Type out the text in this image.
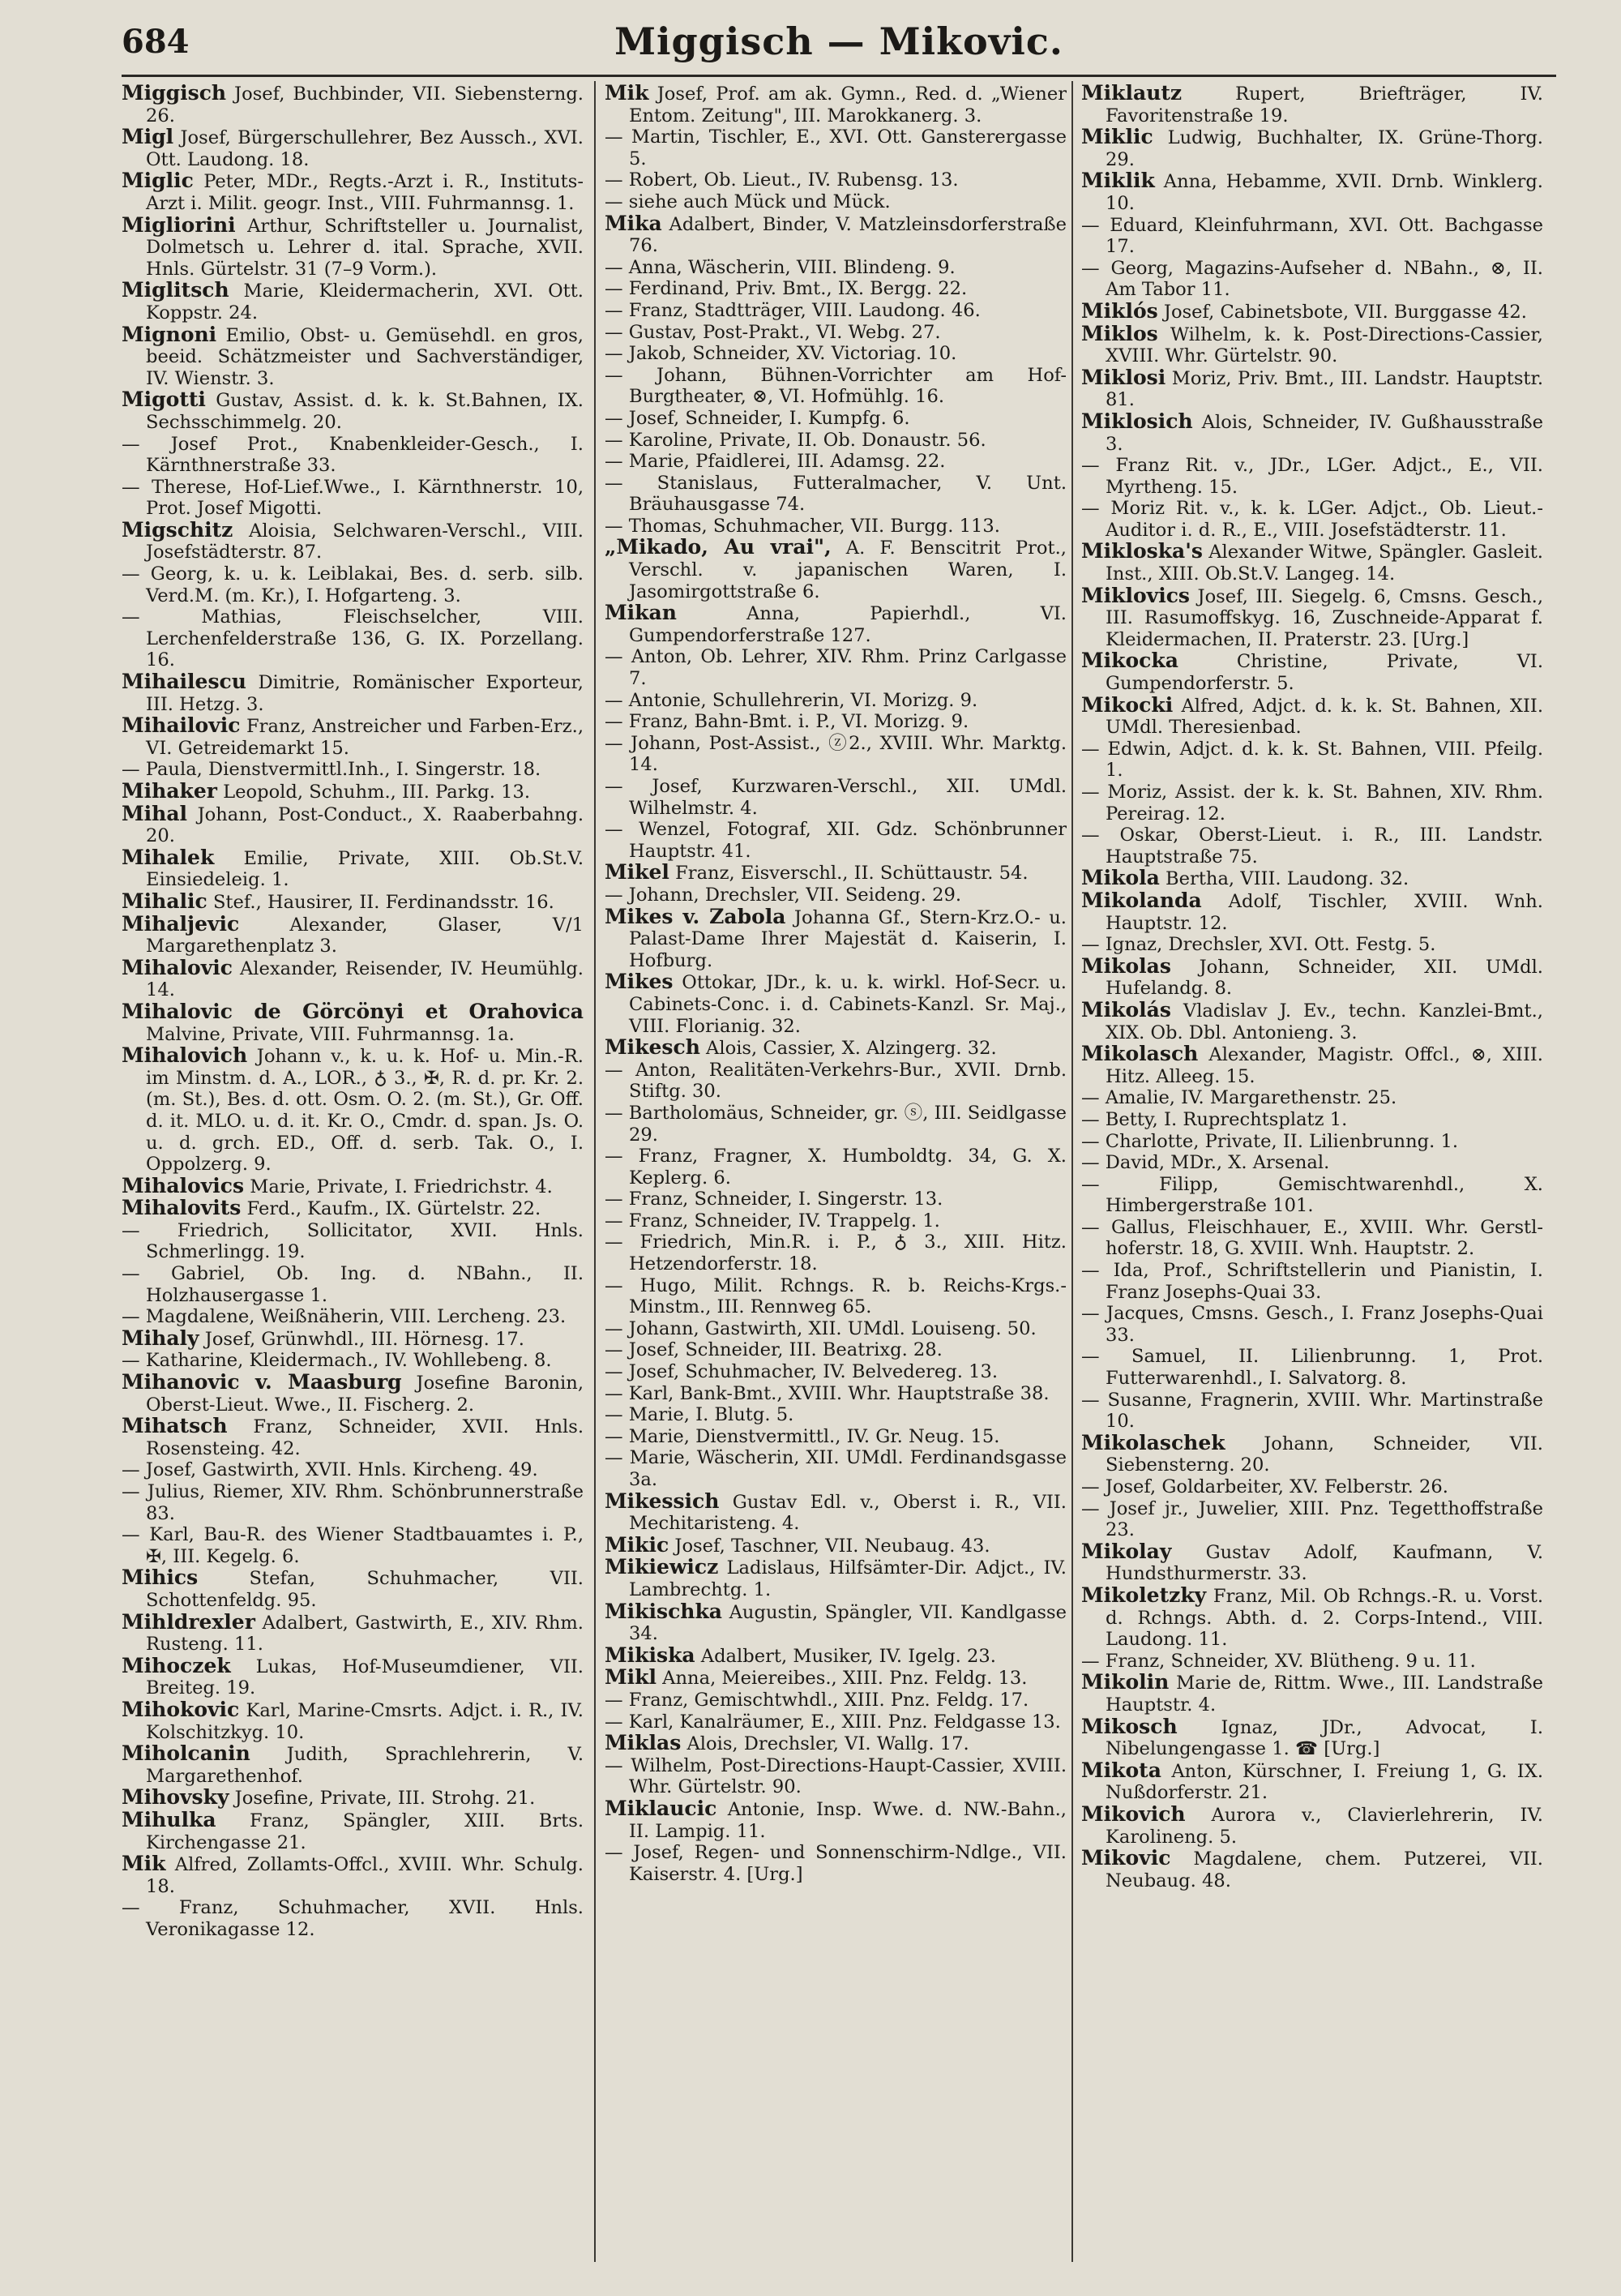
684	Miggisch — Mikovic.

Miggisch Josef, Buchbinder, VII. Siebensterng. 26.

Migl Josef, Bürgerschullehrer, Bez Aussch., XVI. Ott. Laudong. 18.

Miglic Peter, MDr., Regts.-Arzt i. R., Instituts-Arzt i. Milit. geogr. Inst., VIII. Fuhrmannsg. 1.

Migliorini Arthur, Schriftsteller u. Journalist, Dolmetsch u. Lehrer d. ital. Sprache, XVII. Hnls. Gürtelstr. 31 (7–9 Vorm.).

Miglitsch Marie, Kleidermacherin, XVI. Ott. Koppstr. 24.

Mignoni Emilio, Obst- u. Gemüsehdl. en gros, beeid. Schätzmeister und Sachverständiger, IV. Wienstr. 3.

Migotti Gustav, Assist. d. k. k. St.Bahnen, IX. Sechsschimmelg. 20.

— Josef Prot., Knabenkleider-Gesch., I. Kärnthnerstraße 33.

— Therese, Hof-Lief.Wwe., I. Kärnthnerstr. 10, Prot. Josef Migotti.

Migschitz Aloisia, Selchwaren-Verschl., VIII. Josefstädterstr. 87.

— Georg, k. u. k. Leiblakai, Bes. d. serb. silb. Verd.M. (m. Kr.), I. Hofgarteng. 3.

— Mathias, Fleischselcher, VIII. Lerchenfelderstraße 136, G. IX. Porzellang. 16.

Mihailescu Dimitrie, Romänischer Exporteur, III. Hetzg. 3.

Mihailovic Franz, Anstreicher und Farben-Erz., VI. Getreidemarkt 15.

— Paula, Dienstvermittl.Inh., I. Singerstr. 18.

Mihaker Leopold, Schuhm., III. Parkg. 13.

Mihal Johann, Post-Conduct., X. Raaberbahng. 20.

Mihalek Emilie, Private, XIII. Ob.St.V. Einsiedeleig. 1.

Mihalic Stef., Hausirer, II. Ferdinandsstr. 16.

Mihaljevic Alexander, Glaser, V/1 Margarethenplatz 3.

Mihalovic Alexander, Reisender, IV. Heumühlg. 14.

Mihalovic de Görcönyi et Orahovica Malvine, Private, VIII. Fuhrmannsg. 1a.

Mihalovich Johann v., k. u. k. Hof- u. Min.-R. im Minstm. d. A., LOR., ♁ 3., ✠, R. d. pr. Kr. 2. (m. St.), Bes. d. ott. Osm. O. 2. (m. St.), Gr. Off. d. it. MLO. u. d. it. Kr. O., Cmdr. d. span. Js. O. u. d. grch. ED., Off. d. serb. Tak. O., I. Oppolzerg. 9.

Mihalovics Marie, Private, I. Friedrichstr. 4.

Mihalovits Ferd., Kaufm., IX. Gürtelstr. 22.

— Friedrich, Sollicitator, XVII. Hnls. Schmerlingg. 19.

— Gabriel, Ob. Ing. d. NBahn., II. Holzhausergasse 1.

— Magdalene, Weißnäherin, VIII. Lercheng. 23.

Mihaly Josef, Grünwhdl., III. Hörnesg. 17.

— Katharine, Kleidermach., IV. Wohllebeng. 8.

Mihanovic v. Maasburg Josefine Baronin, Oberst-Lieut. Wwe., II. Fischerg. 2.

Mihatsch Franz, Schneider, XVII. Hnls. Rosensteing. 42.

— Josef, Gastwirth, XVII. Hnls. Kircheng. 49.

— Julius, Riemer, XIV. Rhm. Schönbrunnerstraße 83.

— Karl, Bau-R. des Wiener Stadtbauamtes i. P., ✠, III. Kegelg. 6.

Mihics Stefan, Schuhmacher, VII. Schottenfeldg. 95.

Mihldrexler Adalbert, Gastwirth, E., XIV. Rhm. Rusteng. 11.

Mihoczek Lukas, Hof-Museumdiener, VII. Breiteg. 19.

Mihokovic Karl, Marine-Cmsrts. Adjct. i. R., IV. Kolschitzkyg. 10.

Miholcanin Judith, Sprachlehrerin, V. Margarethenhof.

Mihovsky Josefine, Private, III. Strohg. 21.

Mihulka Franz, Spängler, XIII. Brts. Kirchengasse 21.

Mik Alfred, Zollamts-Offcl., XVIII. Whr. Schulg. 18.

— Franz, Schuhmacher, XVII. Hnls. Veronikagasse 12.

Mik Josef, Prof. am ak. Gymn., Red. d. „Wiener Entom. Zeitung", III. Marokkanerg. 3.

— Martin, Tischler, E., XVI. Ott. Gansterergasse 5.

— Robert, Ob. Lieut., IV. Rubensg. 13.

— siehe auch Mück und Mück.

Mika Adalbert, Binder, V. Matzleinsdorferstraße 76.

— Anna, Wäscherin, VIII. Blindeng. 9.

— Ferdinand, Priv. Bmt., IX. Bergg. 22.

— Franz, Stadtträger, VIII. Laudong. 46.

— Gustav, Post-Prakt., VI. Webg. 27.

— Jakob, Schneider, XV. Victoriag. 10.

— Johann, Bühnen-Vorrichter am Hof-Burgtheater, ⊗, VI. Hofmühlg. 16.

— Josef, Schneider, I. Kumpfg. 6.

— Karoline, Private, II. Ob. Donaustr. 56.

— Marie, Pfaidlerei, III. Adamsg. 22.

— Stanislaus, Futteralmacher, V. Unt. Bräuhausgasse 74.

— Thomas, Schuhmacher, VII. Burgg. 113.

„Mikado, Au vrai", A. F. Benscitrit Prot., Verschl. v. japanischen Waren, I. Jasomirgottstraße 6.

Mikan Anna, Papierhdl., VI. Gumpendorferstraße 127.

— Anton, Ob. Lehrer, XIV. Rhm. Prinz Carlgasse 7.

— Antonie, Schullehrerin, VI. Morizg. 9.

— Franz, Bahn-Bmt. i. P., VI. Morizg. 9.

— Johann, Post-Assist., ⓩ2., XVIII. Whr. Marktg. 14.

— Josef, Kurzwaren-Verschl., XII. UMdl. Wilhelmstr. 4.

— Wenzel, Fotograf, XII. Gdz. Schönbrunner Hauptstr. 41.

Mikel Franz, Eisverschl., II. Schüttaustr. 54.

— Johann, Drechsler, VII. Seideng. 29.

Mikes v. Zabola Johanna Gf., Stern-Krz.O.- u. Palast-Dame Ihrer Majestät d. Kaiserin, I. Hofburg.

Mikes Ottokar, JDr., k. u. k. wirkl. Hof-Secr. u. Cabinets-Conc. i. d. Cabinets-Kanzl. Sr. Maj., VIII. Florianig. 32.

Mikesch Alois, Cassier, X. Alzingerg. 32.

— Anton, Realitäten-Verkehrs-Bur., XVII. Drnb. Stiftg. 30.

— Bartholomäus, Schneider, gr. ⓢ, III. Seidlgasse 29.

— Franz, Fragner, X. Humboldtg. 34, G. X. Keplerg. 6.

— Franz, Schneider, I. Singerstr. 13.

— Franz, Schneider, IV. Trappelg. 1.

— Friedrich, Min.R. i. P., ♁ 3., XIII. Hitz. Hetzendorferstr. 18.

— Hugo, Milit. Rchngs. R. b. Reichs-Krgs.-Minstm., III. Rennweg 65.

— Johann, Gastwirth, XII. UMdl. Louiseng. 50.

— Josef, Schneider, III. Beatrixg. 28.

— Josef, Schuhmacher, IV. Belvedereg. 13.

— Karl, Bank-Bmt., XVIII. Whr. Hauptstraße 38.

— Marie, I. Blutg. 5.

— Marie, Dienstvermittl., IV. Gr. Neug. 15.

— Marie, Wäscherin, XII. UMdl. Ferdinandsgasse 3a.

Mikessich Gustav Edl. v., Oberst i. R., VII. Mechitaristeng. 4.

Mikic Josef, Taschner, VII. Neubaug. 43.

Mikiewicz Ladislaus, Hilfsämter-Dir. Adjct., IV. Lambrechtg. 1.

Mikischka Augustin, Spängler, VII. Kandlgasse 34.

Mikiska Adalbert, Musiker, IV. Igelg. 23.

Mikl Anna, Meiereibes., XIII. Pnz. Feldg. 13.

— Franz, Gemischtwhdl., XIII. Pnz. Feldg. 17.

— Karl, Kanalräumer, E., XIII. Pnz. Feldgasse 13.

Miklas Alois, Drechsler, VI. Wallg. 17.

— Wilhelm, Post-Directions-Haupt-Cassier, XVIII. Whr. Gürtelstr. 90.

Miklaucic Antonie, Insp. Wwe. d. NW.-Bahn., II. Lampig. 11.

— Josef, Regen- und Sonnenschirm-Ndlge., VII. Kaiserstr. 4. [Urg.]

Miklautz Rupert, Briefträger, IV. Favoritenstraße 19.

Miklic Ludwig, Buchhalter, IX. Grüne-Thorg. 29.

Miklik Anna, Hebamme, XVII. Drnb. Winklerg. 10.

— Eduard, Kleinfuhrmann, XVI. Ott. Bachgasse 17.

— Georg, Magazins-Aufseher d. NBahn., ⊗, II. Am Tabor 11.

Miklós Josef, Cabinetsbote, VII. Burggasse 42.

Miklos Wilhelm, k. k. Post-Directions-Cassier, XVIII. Whr. Gürtelstr. 90.

Miklosi Moriz, Priv. Bmt., III. Landstr. Hauptstr. 81.

Miklosich Alois, Schneider, IV. Gußhausstraße 3.

— Franz Rit. v., JDr., LGer. Adjct., E., VII. Myrtheng. 15.

— Moriz Rit. v., k. k. LGer. Adjct., Ob. Lieut.-Auditor i. d. R., E., VIII. Josefstädterstr. 11.

Mikloska's Alexander Witwe, Spängler. Gasleit. Inst., XIII. Ob.St.V. Langeg. 14.

Miklovics Josef, III. Siegelg. 6, Cmsns. Gesch., III. Rasumoffskyg. 16, Zuschneide-Apparat f. Kleidermachen, II. Praterstr. 23. [Urg.]

Mikocka Christine, Private, VI. Gumpendorferstr. 5.

Mikocki Alfred, Adjct. d. k. k. St. Bahnen, XII. UMdl. Theresienbad.

— Edwin, Adjct. d. k. k. St. Bahnen, VIII. Pfeilg. 1.

— Moriz, Assist. der k. k. St. Bahnen, XIV. Rhm. Pereirag. 12.

— Oskar, Oberst-Lieut. i. R., III. Landstr. Hauptstraße 75.

Mikola Bertha, VIII. Laudong. 32.

Mikolanda Adolf, Tischler, XVIII. Wnh. Hauptstr. 12.

— Ignaz, Drechsler, XVI. Ott. Festg. 5.

Mikolas Johann, Schneider, XII. UMdl. Hufelandg. 8.

Mikolás Vladislav J. Ev., techn. Kanzlei-Bmt., XIX. Ob. Dbl. Antonieng. 3.

Mikolasch Alexander, Magistr. Offcl., ⊗, XIII. Hitz. Alleeg. 15.

— Amalie, IV. Margarethenstr. 25.

— Betty, I. Ruprechtsplatz 1.

— Charlotte, Private, II. Lilienbrunng. 1.

— David, MDr., X. Arsenal.

— Filipp, Gemischtwarenhdl., X. Himbergerstraße 101.

— Gallus, Fleischhauer, E., XVIII. Whr. Gerstl-hoferstr. 18, G. XVIII. Wnh. Hauptstr. 2.

— Ida, Prof., Schriftstellerin und Pianistin, I. Franz Josephs-Quai 33.

— Jacques, Cmsns. Gesch., I. Franz Josephs-Quai 33.

— Samuel, II. Lilienbrunng. 1, Prot. Futterwarenhdl., I. Salvatorg. 8.

— Susanne, Fragnerin, XVIII. Whr. Martinstraße 10.

Mikolaschek Johann, Schneider, VII. Siebensterng. 20.

— Josef, Goldarbeiter, XV. Felberstr. 26.

— Josef jr., Juwelier, XIII. Pnz. Tegetthoffstraße 23.

Mikolay Gustav Adolf, Kaufmann, V. Hundsthurmerstr. 33.

Mikoletzky Franz, Mil. Ob Rchngs.-R. u. Vorst. d. Rchngs. Abth. d. 2. Corps-Intend., VIII. Laudong. 11.

— Franz, Schneider, XV. Blütheng. 9 u. 11.

Mikolin Marie de, Rittm. Wwe., III. Landstraße Hauptstr. 4.

Mikosch Ignaz, JDr., Advocat, I. Nibelungengasse 1. ☎ [Urg.]

Mikota Anton, Kürschner, I. Freiung 1, G. IX. Nußdorferstr. 21.

Mikovich Aurora v., Clavierlehrerin, IV. Karolineng. 5.

Mikovic Magdalene, chem. Putzerei, VII. Neubaug. 48.
